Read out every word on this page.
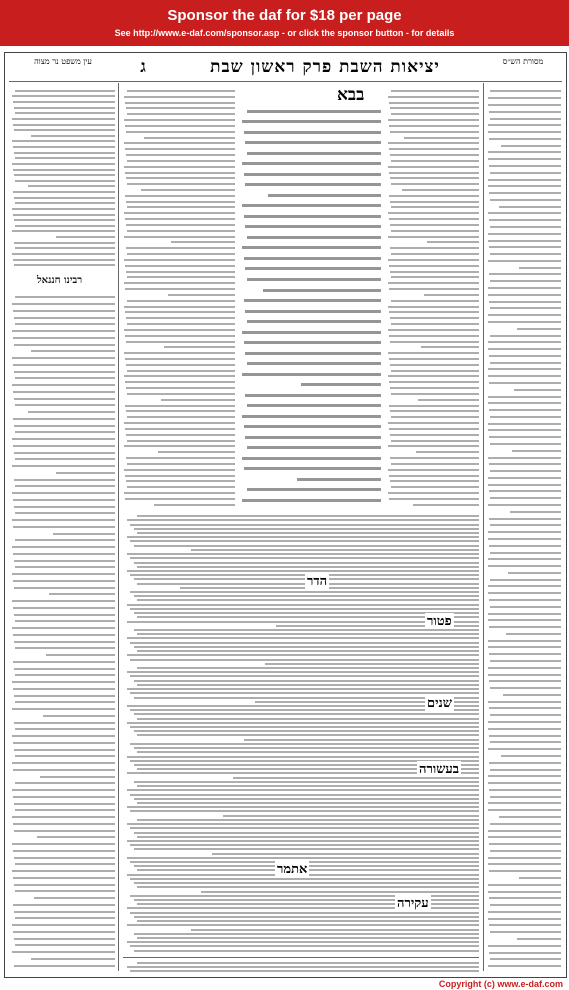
Sponsor the daf for $18 per page
See http://www.e-daf.com/sponsor.asp - or click the sponsor button - for details
יציאות השבת פרק ראשון שבת
ג
עין משפט נר מצוה	מסורת הש״ס
רבינו חננאל
בבא
הדר
פטור
שנים
בעשורה
אתמר
עקירה
Copyright (c) www.e-daf.com
